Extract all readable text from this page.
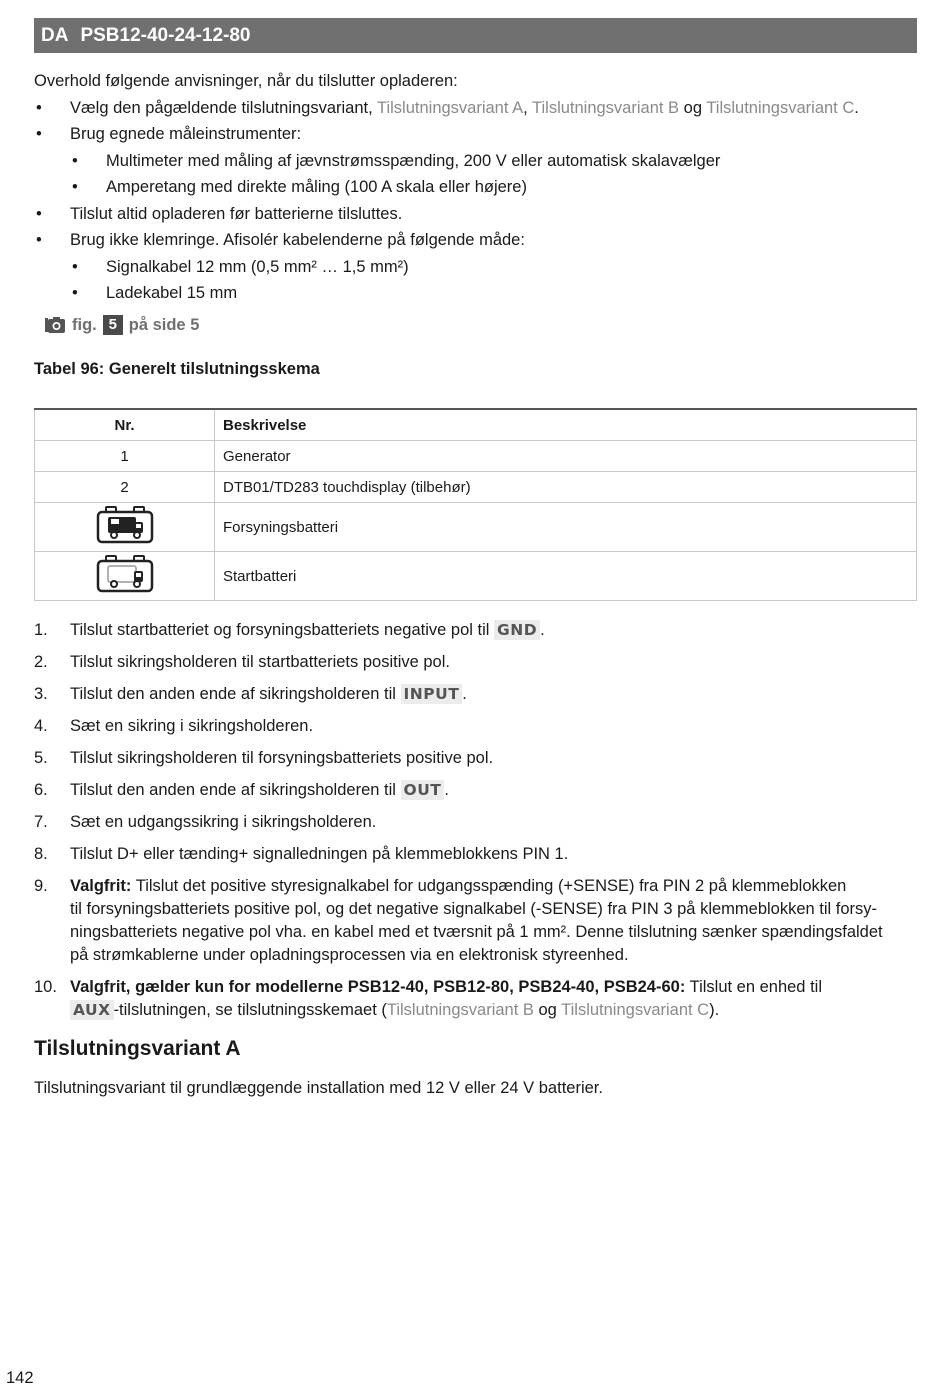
DA PSB12-40-24-12-80
Overhold følgende anvisninger, når du tilslutter opladeren:
• Vælg den pågældende tilslutningsvariant, Tilslutningsvariant A, Tilslutningsvariant B og Tilslutningsvariant C.
• Brug egnede måleinstrumenter:
• Multimeter med måling af jævnstrømsspænding, 200 V eller automatisk skalavælger
• Amperetang med direkte måling (100 A skala eller højere)
• Tilslut altid opladeren før batterierne tilsluttes.
• Brug ikke klemringe. Afisolér kabelenderne på følgende måde:
• Signalkabel 12 mm (0,5 mm² … 1,5 mm²)
• Ladekabel 15 mm
fig. 5 på side 5
Tabel 96: Generelt tilslutningsskema
Nr.	Beskrivelse
1	Generator
2	DTB01/TD283 touchdisplay (tilbehør)
	Forsyningsbatteri
	Startbatteri
1. Tilslut startbatteriet og forsyningsbatteriets negative pol til GND .
2. Tilslut sikringsholderen til startbatteriets positive pol.
3. Tilslut den anden ende af sikringsholderen til INPUT .
4. Sæt en sikring i sikringsholderen.
5. Tilslut sikringsholderen til forsyningsbatteriets positive pol.
6. Tilslut den anden ende af sikringsholderen til OUT .
7. Sæt en udgangssikring i sikringsholderen.
8. Tilslut D+ eller tænding+ signalledningen på klemmeblokkens PIN 1.
9. Valgfrit: Tilslut det positive styresignalkabel for udgangsspænding (+SENSE) fra PIN 2 på klemmeblokken
til forsyningsbatteriets positive pol, og det negative signalkabel (-SENSE) fra PIN 3 på klemmeblokken til forsy-
ningsbatteriets negative pol vha. en kabel med et tværsnit på 1 mm². Denne tilslutning sænker spændingsfaldet
på strømkablerne under opladningsprocessen via en elektronisk styreenhed.
10. Valgfrit, gælder kun for modellerne PSB12-40, PSB12-80, PSB24-40, PSB24-60: Tilslut en enhed til
AUX -tilslutningen, se tilslutningsskemaet (Tilslutningsvariant B og Tilslutningsvariant C).
Tilslutningsvariant A
Tilslutningsvariant til grundlæggende installation med 12 V eller 24 V batterier.
142
